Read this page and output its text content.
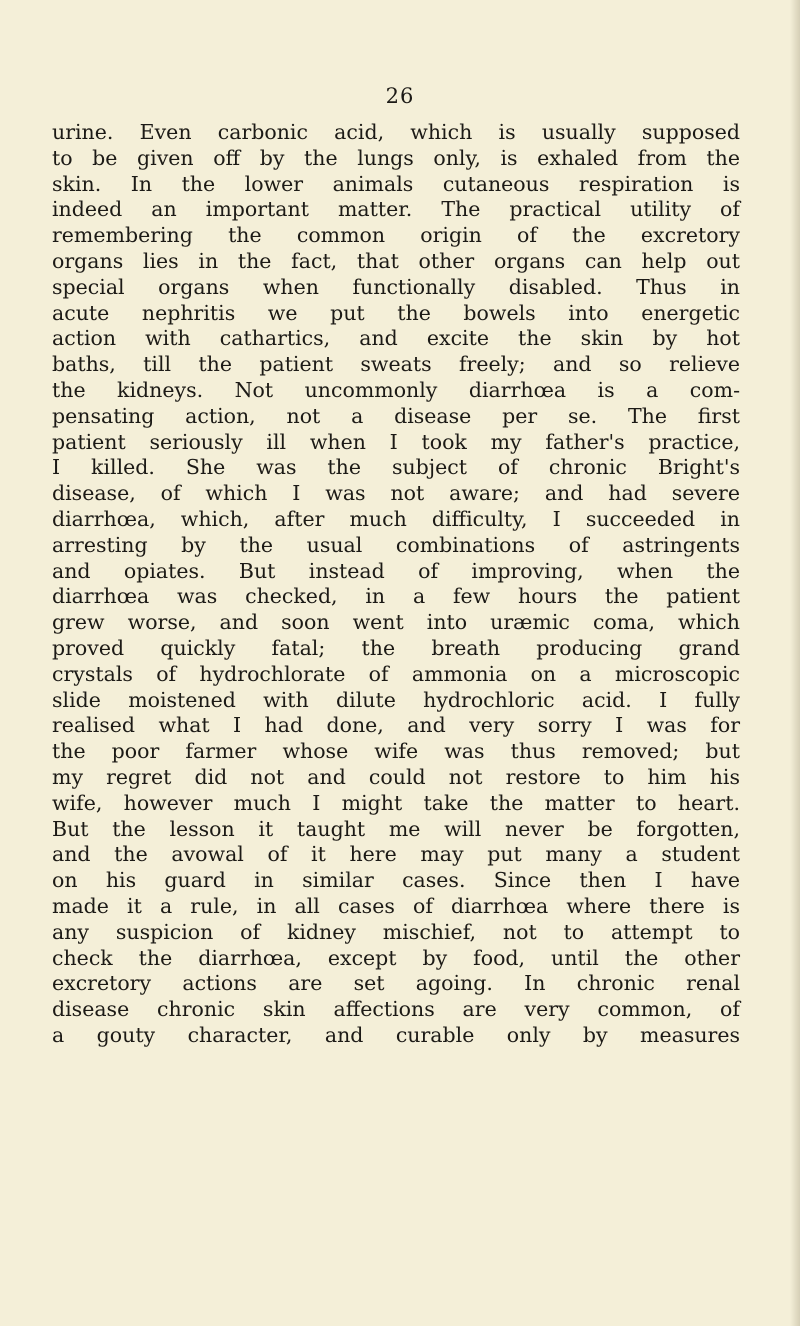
26
urine. Even carbonic acid, which is usually supposed
to be given off by the lungs only, is exhaled from the
skin. In the lower animals cutaneous respiration is
indeed an important matter. The practical utility of
remembering the common origin of the excretory
organs lies in the fact, that other organs can help out
special organs when functionally disabled. Thus in
acute nephritis we put the bowels into energetic
action with cathartics, and excite the skin by hot
baths, till the patient sweats freely; and so relieve
the kidneys. Not uncommonly diarrhœa is a com-
pensating action, not a disease per se. The first
patient seriously ill when I took my father's practice,
I killed. She was the subject of chronic Bright's
disease, of which I was not aware; and had severe
diarrhœa, which, after much difficulty, I succeeded in
arresting by the usual combinations of astringents
and opiates. But instead of improving, when the
diarrhœa was checked, in a few hours the patient
grew worse, and soon went into uræmic coma, which
proved quickly fatal; the breath producing grand
crystals of hydrochlorate of ammonia on a microscopic
slide moistened with dilute hydrochloric acid. I fully
realised what I had done, and very sorry I was for
the poor farmer whose wife was thus removed; but
my regret did not and could not restore to him his
wife, however much I might take the matter to heart.
But the lesson it taught me will never be forgotten,
and the avowal of it here may put many a student
on his guard in similar cases. Since then I have
made it a rule, in all cases of diarrhœa where there is
any suspicion of kidney mischief, not to attempt to
check the diarrhœa, except by food, until the other
excretory actions are set agoing. In chronic renal
disease chronic skin affections are very common, of
a gouty character, and curable only by measures
